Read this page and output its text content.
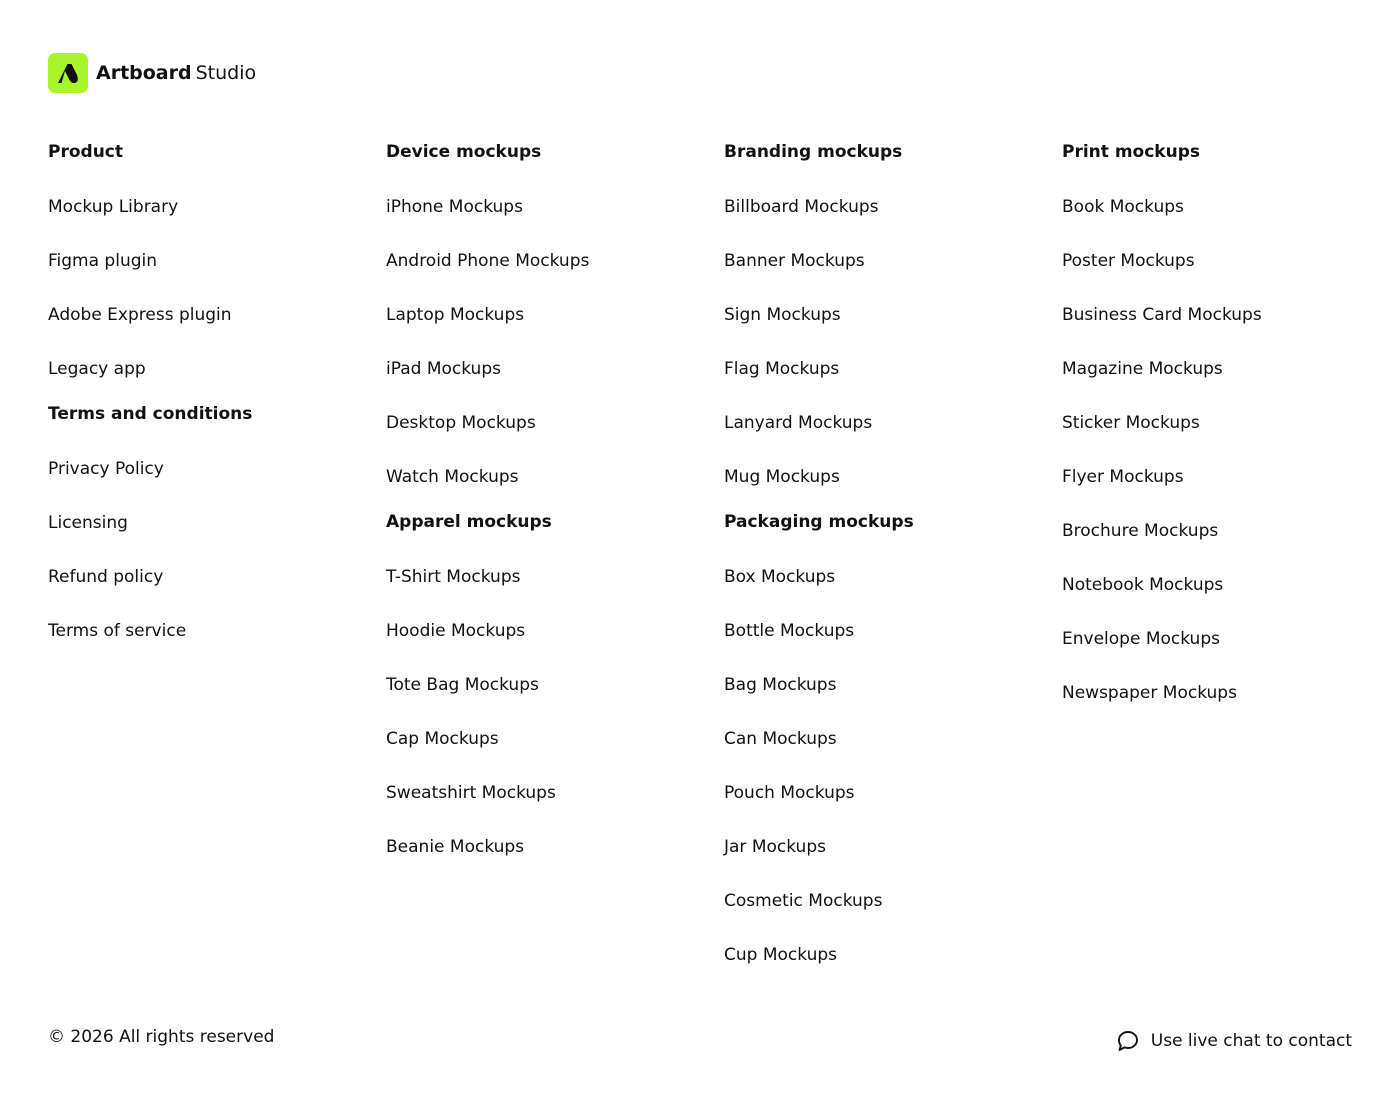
Artboard Studio
Product
Mockup Library
Figma plugin
Adobe Express plugin
Legacy app
Terms and conditions
Privacy Policy
Licensing
Refund policy
Terms of service
Device mockups
iPhone Mockups
Android Phone Mockups
Laptop Mockups
iPad Mockups
Desktop Mockups
Watch Mockups
Apparel mockups
T-Shirt Mockups
Hoodie Mockups
Tote Bag Mockups
Cap Mockups
Sweatshirt Mockups
Beanie Mockups
Branding mockups
Billboard Mockups
Banner Mockups
Sign Mockups
Flag Mockups
Lanyard Mockups
Mug Mockups
Packaging mockups
Box Mockups
Bottle Mockups
Bag Mockups
Can Mockups
Pouch Mockups
Jar Mockups
Cosmetic Mockups
Cup Mockups
Print mockups
Book Mockups
Poster Mockups
Business Card Mockups
Magazine Mockups
Sticker Mockups
Flyer Mockups
Brochure Mockups
Notebook Mockups
Envelope Mockups
Newspaper Mockups
© 2026 All rights reserved	Use live chat to contact
